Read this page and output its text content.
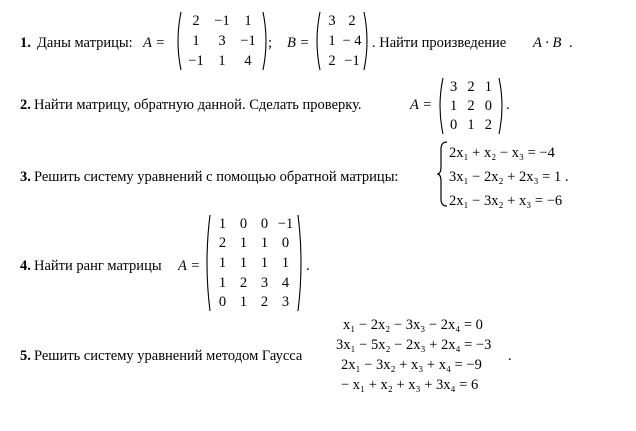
1. Даны матрицы: A =
2	−1	1
1	3	−1
−1	1	4
; B =
3 2
1 − 4
2 −1
. Найти произведение A · B .
2. Найти матрицу, обратную данной. Сделать проверку.	A =
3 2 1
1 2 0
0 1 2
.
3. Решить систему уравнений с помощью обратной матрицы:
2x₁ + x₂ − x₃ = −4
3x₁ − 2x₂ + 2x₃ = 1 .
2x₁ − 3x₂ + x₃ = −6
4. Найти ранг матрицы A =
1 0 0 −1
2 1 1 0
1 1 1 1
1 2 3 4
0 1 2 3
.
5. Решить систему уравнений методом Гаусса
x₁ − 2x₂ − 3x₃ − 2x₄ = 0
3x₁ − 5x₂ − 2x₃ + 2x₄ = −3
2x₁ − 3x₂ + x₃ + x₄ = −9
− x₁ + x₂ + x₃ + 3x₄ = 6
.
